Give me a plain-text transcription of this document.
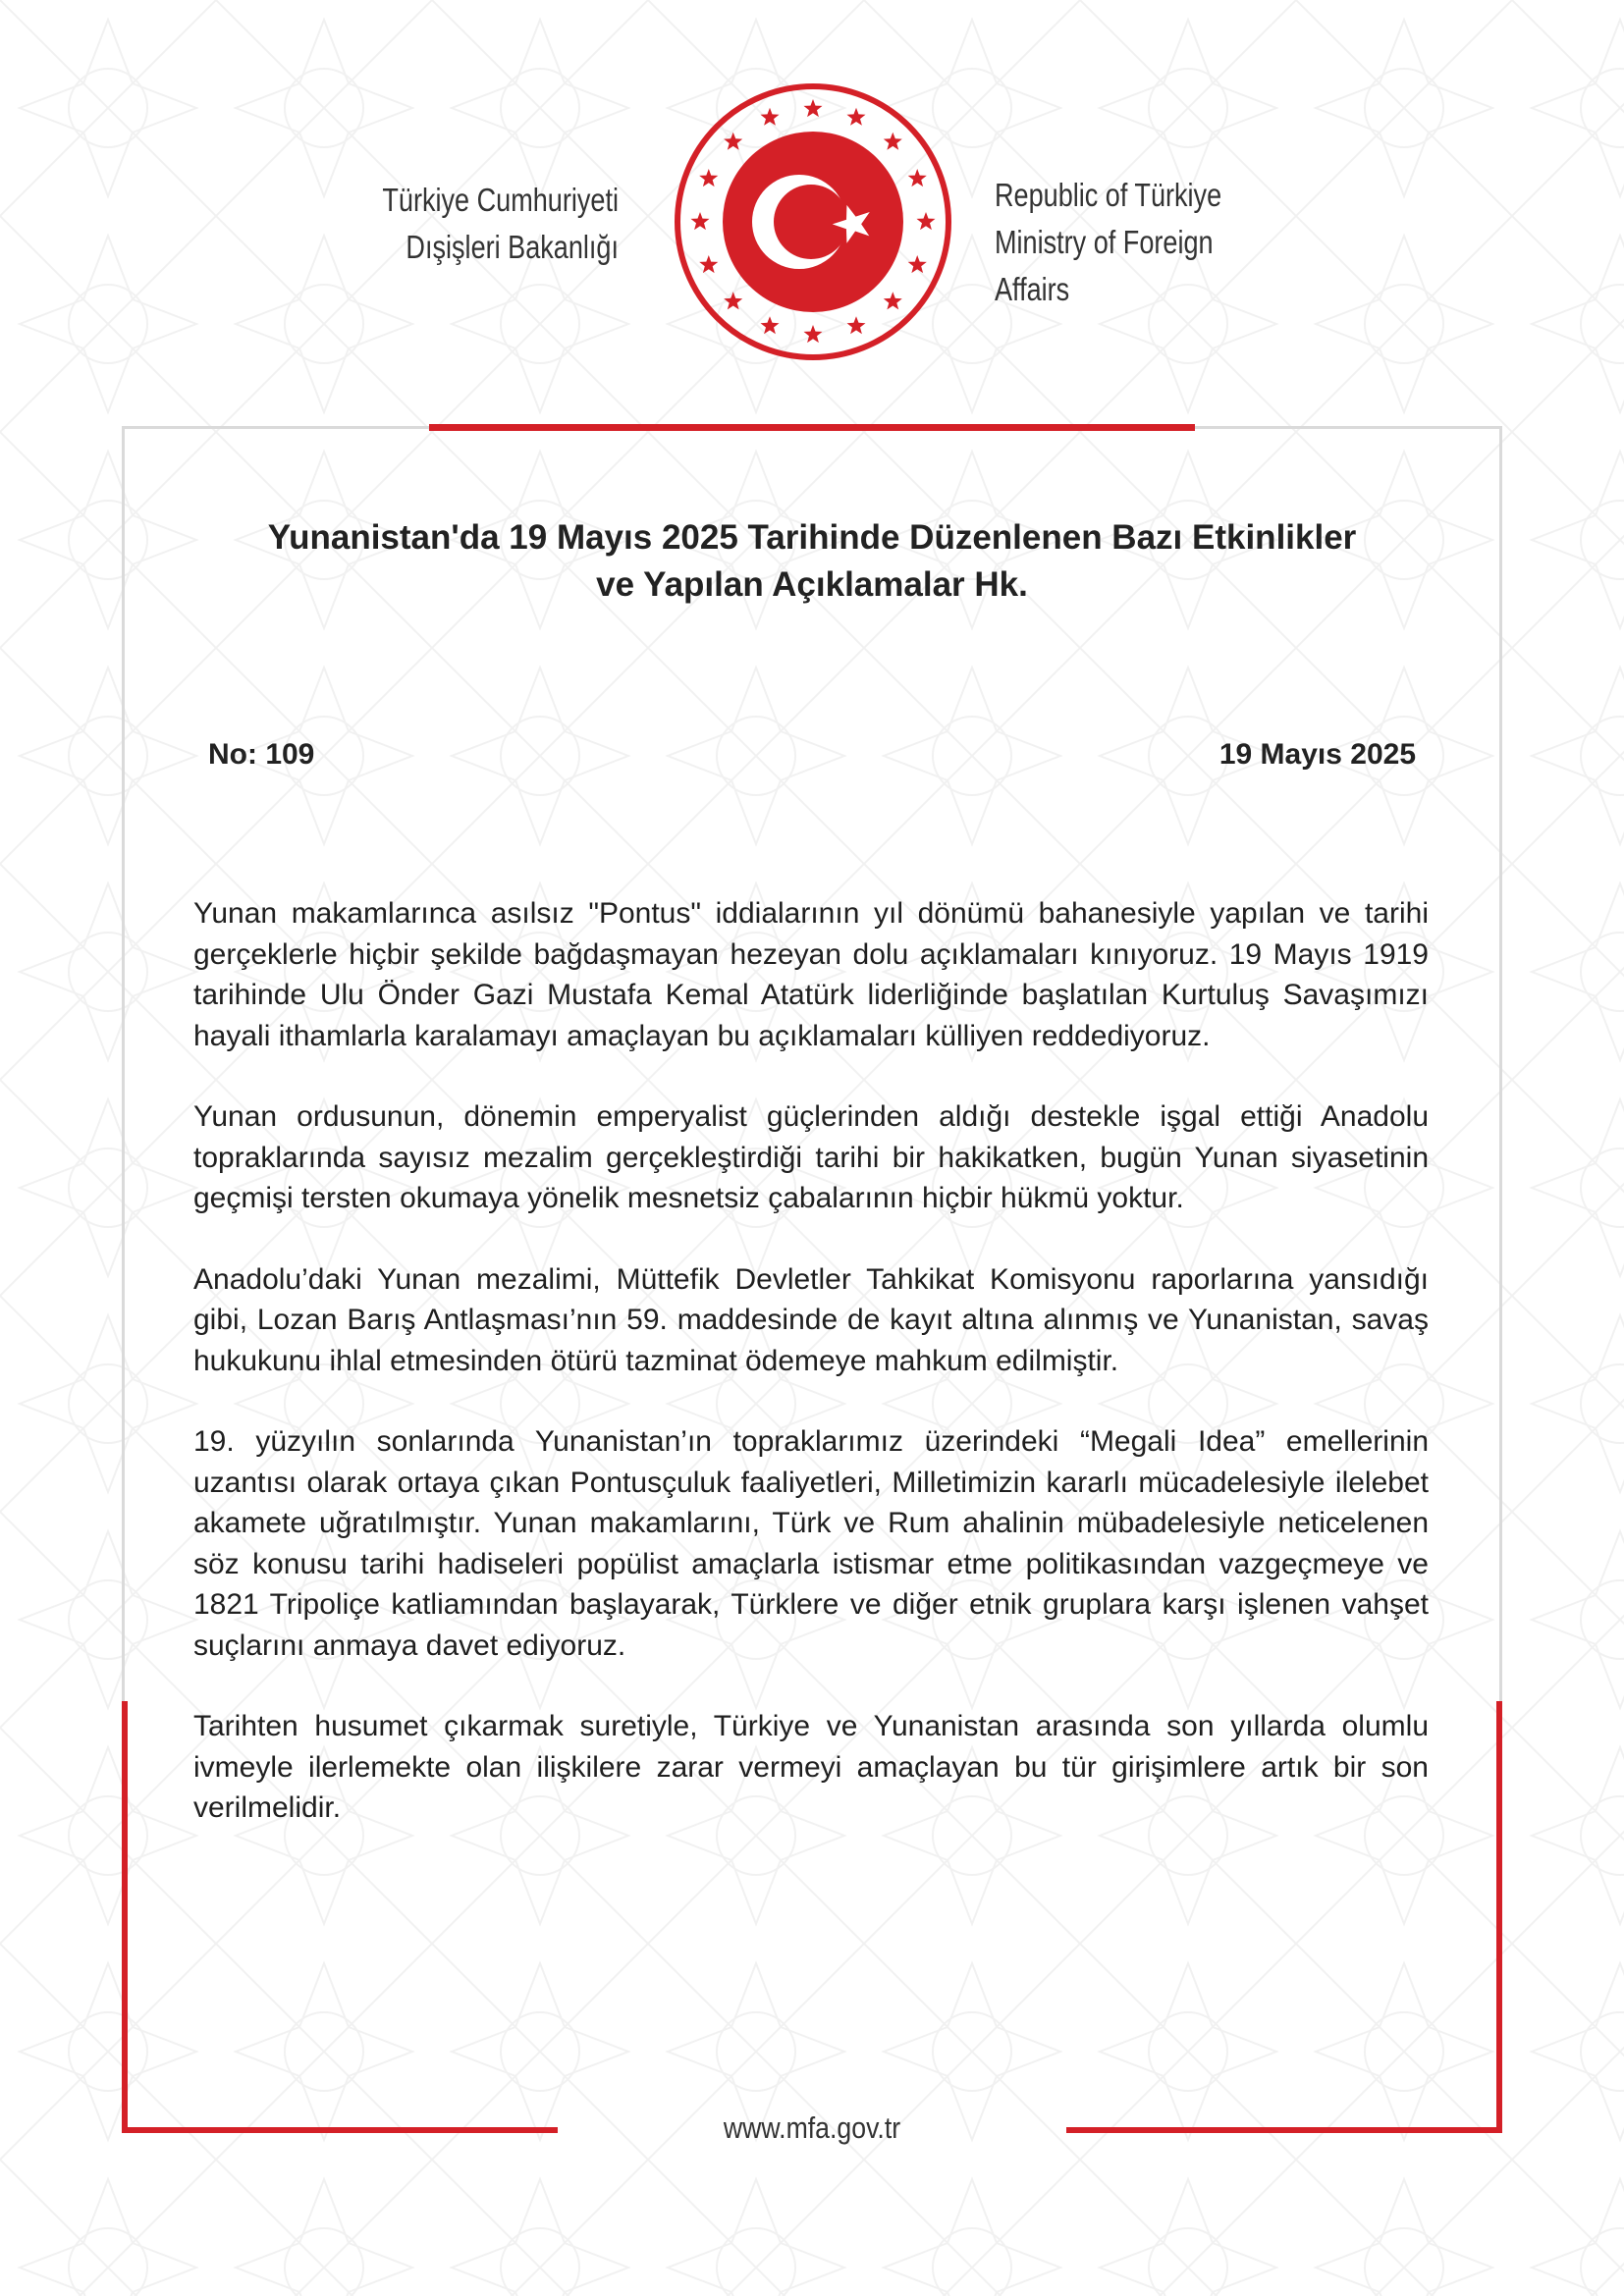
Türkiye Cumhuriyeti
Dışişleri Bakanlığı
Republic of Türkiye
Ministry of Foreign Affairs
Yunanistan'da 19 Mayıs 2025 Tarihinde Düzenlenen Bazı Etkinlikler
ve Yapılan Açıklamalar Hk.
No: 109	19 Mayıs 2025

Yunan makamlarınca asılsız "Pontus" iddialarının yıl dönümü bahanesiyle yapılan ve tarihi gerçeklerle hiçbir şekilde bağdaşmayan hezeyan dolu açıklamaları kınıyoruz. 19 Mayıs 1919 tarihinde Ulu Önder Gazi Mustafa Kemal Atatürk liderliğinde başlatılan Kurtuluş Savaşımızı hayali ithamlarla karalamayı amaçlayan bu açıklamaları külliyen reddediyoruz.

Yunan ordusunun, dönemin emperyalist güçlerinden aldığı destekle işgal ettiği Anadolu topraklarında sayısız mezalim gerçekleştirdiği tarihi bir hakikatken, bugün Yunan siyasetinin geçmişi tersten okumaya yönelik mesnetsiz çabalarının hiçbir hükmü yoktur.

Anadolu’daki Yunan mezalimi, Müttefik Devletler Tahkikat Komisyonu raporlarına yansıdığı gibi, Lozan Barış Antlaşması’nın 59. maddesinde de kayıt altına alınmış ve Yunanistan, savaş hukukunu ihlal etmesinden ötürü tazminat ödemeye mahkum edilmiştir.

19. yüzyılın sonlarında Yunanistan’ın topraklarımız üzerindeki “Megali Idea” emellerinin uzantısı olarak ortaya çıkan Pontusçuluk faaliyetleri, Milletimizin kararlı mücadelesiyle ilelebet akamete uğratılmıştır. Yunan makamlarını, Türk ve Rum ahalinin mübadelesiyle neticelenen söz konusu tarihi hadiseleri popülist amaçlarla istismar etme politikasından vazgeçmeye ve 1821 Tripoliçe katliamından başlayarak, Türklere ve diğer etnik gruplara karşı işlenen vahşet suçlarını anmaya davet ediyoruz.

Tarihten husumet çıkarmak suretiyle, Türkiye ve Yunanistan arasında son yıllarda olumlu ivmeyle ilerlemekte olan ilişkilere zarar vermeyi amaçlayan bu tür girişimlere artık bir son verilmelidir.

www.mfa.gov.tr
